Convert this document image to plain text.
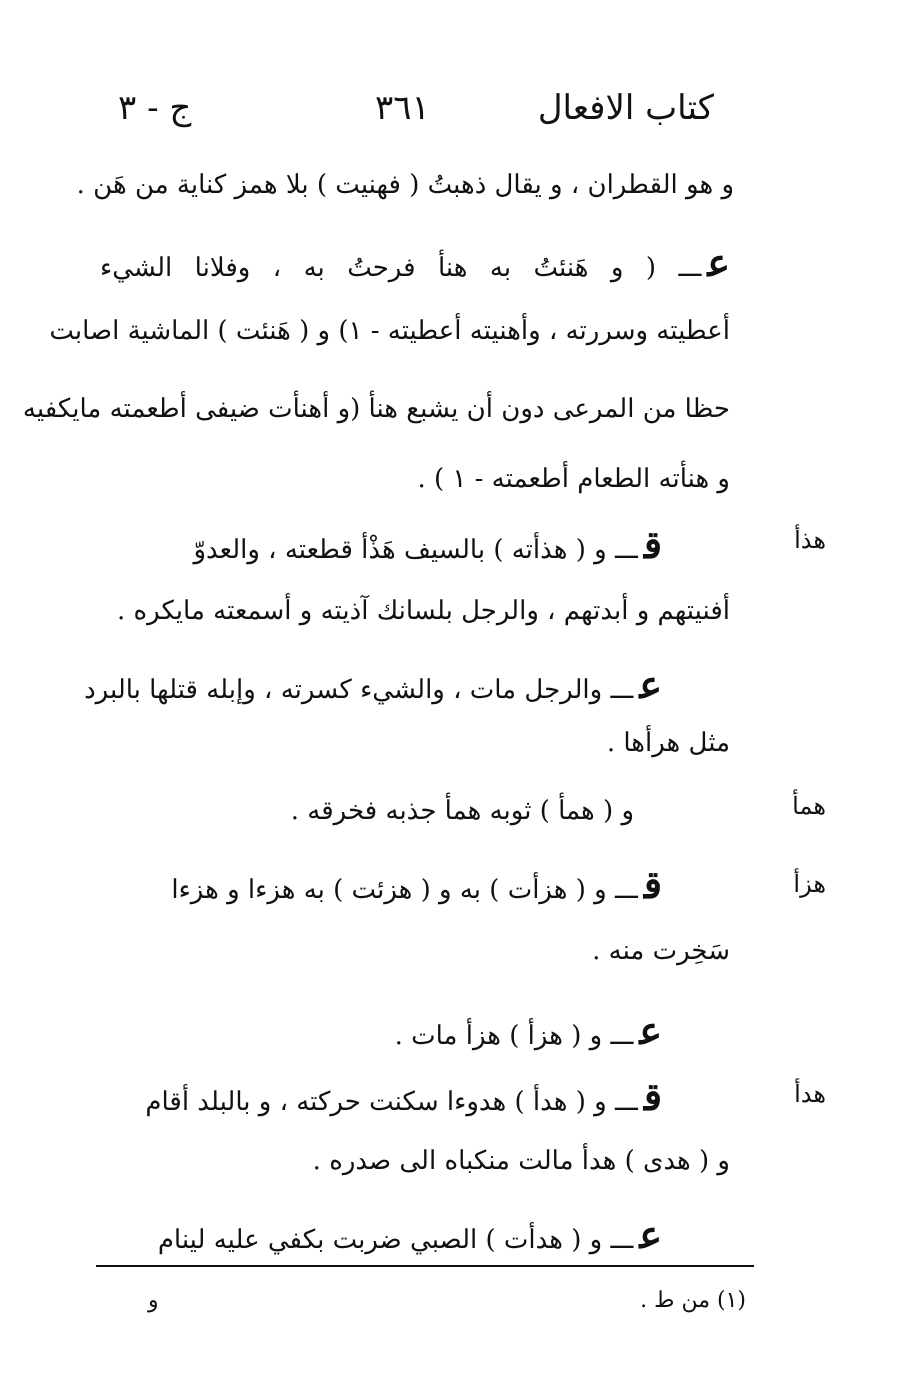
كتاب الافعال
٣٦١
ج - ٣
و هو القطران ، و يقال ذهبتُ ( فهنيت ) بلا همز كناية من هَن .
عـــ ( و هَنئتُ به هنأ فرحتُ به ، وفلانا الشيء
أعطيته وسررته ، وأهنيته أعطيته - ١) و ( هَنئت ) الماشية اصابت
حظا من المرعى دون أن يشبع هنأ (و أهنأت ضيفى أطعمته مايكفيه
و هنأته الطعام أطعمته - ١ ) .
هذأ
قـــ و ( هذأته ) بالسيف هَذْأ قطعته ، والعدوّ
أفنيتهم و أبدتهم ، والرجل بلسانك آذيته و أسمعته مايكره .
عـــ والرجل مات ، والشيء كسرته ، وإبله قتلها بالبرد
مثل هرأها .
همأ
و ( همأ ) ثوبه همأ جذبه فخرقه .
هزأ
قـــ و ( هزأت ) به و ( هزئت ) به هزءا و هزءا
سَخِرت منه .
عـــ و ( هزأ ) هزأ مات .
هدأ
قـــ و ( هدأ ) هدوءا سكنت حركته ، و بالبلد أقام
و ( هدى ) هدأ مالت منكباه الى صدره .
عـــ و ( هدأت ) الصبي ضربت بكفي عليه لينام
(١) من ط .
و
